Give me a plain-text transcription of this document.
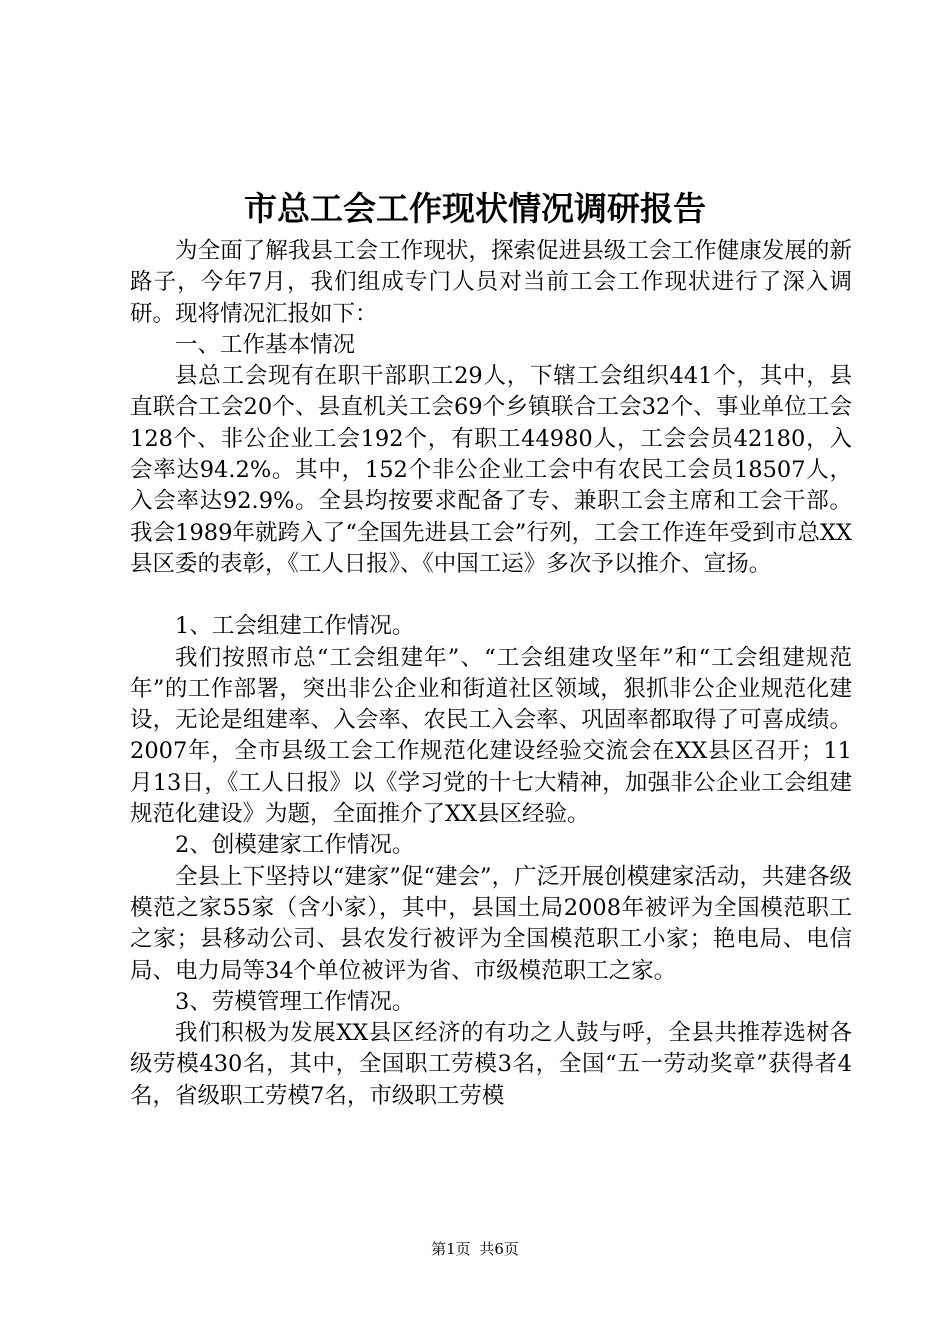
市总工会工作现状情况调研报告

为全面了解我县工会工作现状，探索促进县级工会工作健康发展的新路子，今年7月，我们组成专门人员对当前工会工作现状进行了深入调研。现将情况汇报如下：

一、工作基本情况

县总工会现有在职干部职工29人，下辖工会组织441个，其中，县直联合工会20个、县直机关工会69个乡镇联合工会32个、事业单位工会128个、非公企业工会192个，有职工44980人，工会会员42180，入会率达94.2%。其中，152个非公企业工会中有农民工会员18507人，入会率达92.9%。全县均按要求配备了专、兼职工会主席和工会干部。我会1989年就跨入了“全国先进县工会”行列，工会工作连年受到市总XX县区委的表彰，《工人日报》、《中国工运》多次予以推介、宣扬。

1、工会组建工作情况。

我们按照市总“工会组建年”、“工会组建攻坚年”和“工会组建规范年”的工作部署，突出非公企业和街道社区领域，狠抓非公企业规范化建设，无论是组建率、入会率、农民工入会率、巩固率都取得了可喜成绩。2007年，全市县级工会工作规范化建设经验交流会在XX县区召开；11月13日，《工人日报》以《学习党的十七大精神，加强非公企业工会组建规范化建设》为题，全面推介了XX县区经验。

2、创模建家工作情况。

全县上下坚持以“建家”促“建会”，广泛开展创模建家活动，共建各级模范之家55家（含小家），其中，县国土局2008年被评为全国模范职工之家；县移动公司、县农发行被评为全国模范职工小家；艳电局、电信局、电力局等34个单位被评为省、市级模范职工之家。

3、劳模管理工作情况。

我们积极为发展XX县区经济的有功之人鼓与呼，全县共推荐选树各级劳模430名，其中，全国职工劳模3名，全国“五一劳动奖章”获得者4名，省级职工劳模7名，市级职工劳模

第1页 共6页
